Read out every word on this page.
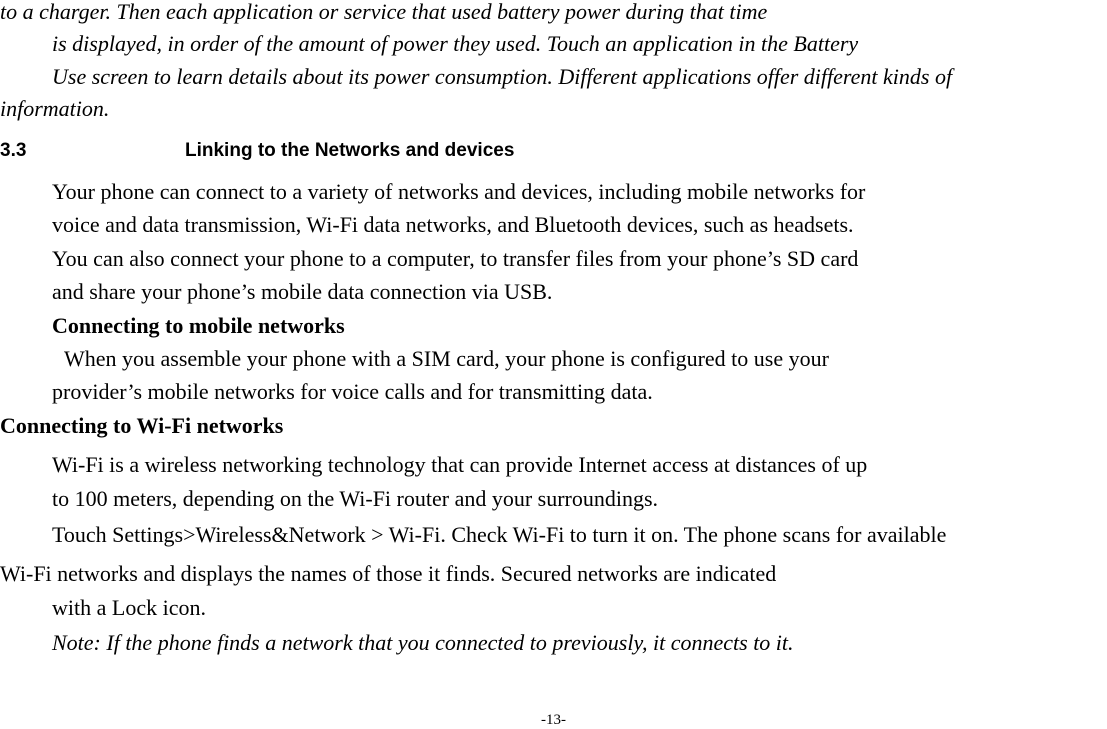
to a charger. Then each application or service that used battery power during that time
is displayed, in order of the amount of power they used. Touch an application in the Battery
Use screen to learn details about its power consumption. Different applications offer different kinds of
information.
3.3	Linking to the Networks and devices
Your phone can connect to a variety of networks and devices, including mobile networks for
voice and data transmission, Wi-Fi data networks, and Bluetooth devices, such as headsets.
You can also connect your phone to a computer, to transfer files from your phone’s SD card
and share your phone’s mobile data connection via USB.
Connecting to mobile networks
When you assemble your phone with a SIM card, your phone is configured to use your
provider’s mobile networks for voice calls and for transmitting data.
Connecting to Wi-Fi networks
Wi-Fi is a wireless networking technology that can provide Internet access at distances of up
to 100 meters, depending on the Wi-Fi router and your surroundings.
Touch Settings>Wireless&Network > Wi-Fi. Check Wi-Fi to turn it on. The phone scans for available
Wi-Fi networks and displays the names of those it finds. Secured networks are indicated
with a Lock icon.
Note: If the phone finds a network that you connected to previously, it connects to it.
-13-
